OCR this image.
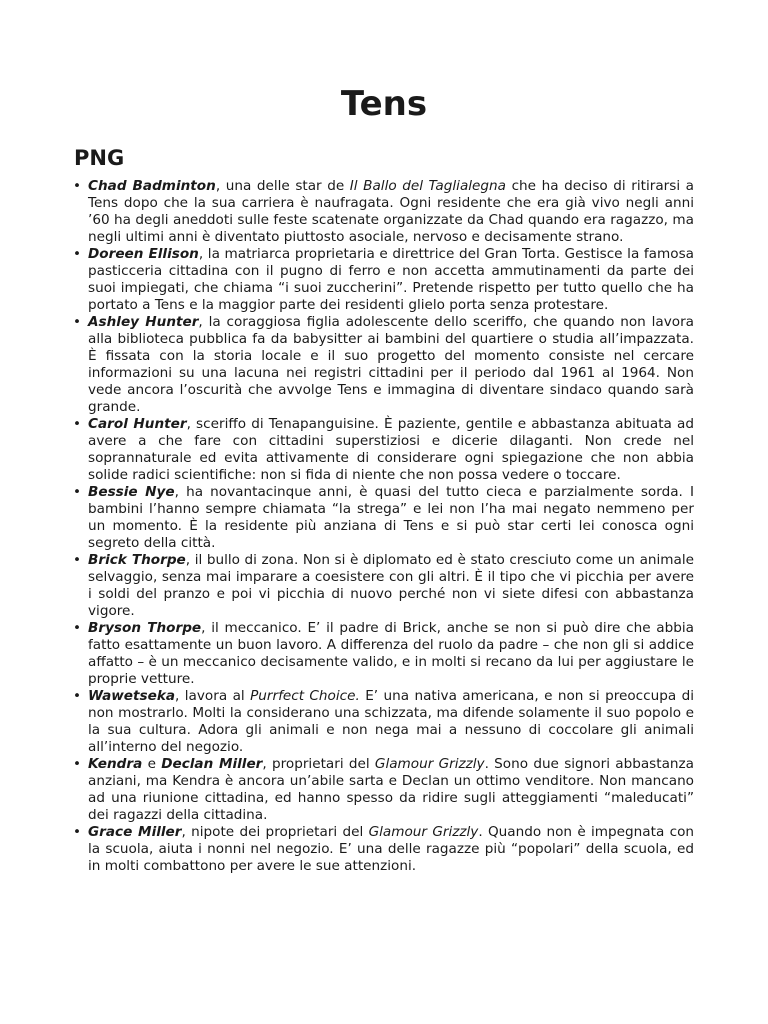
Tens
PNG
• Chad Badminton, una delle star de Il Ballo del Taglialegna che ha deciso di ritirarsi a Tens dopo che la sua carriera è naufragata. Ogni residente che era già vivo negli anni ’60 ha degli aneddoti sulle feste scatenate organizzate da Chad quando era ragazzo, ma negli ultimi anni è diventato piuttosto asociale, nervoso e decisamente strano.
• Doreen Ellison, la matriarca proprietaria e direttrice del Gran Torta. Gestisce la famosa pasticceria cittadina con il pugno di ferro e non accetta ammutinamenti da parte dei suoi impiegati, che chiama “i suoi zuccherini”. Pretende rispetto per tutto quello che ha portato a Tens e la maggior parte dei residenti glielo porta senza protestare.
• Ashley Hunter, la coraggiosa figlia adolescente dello sceriffo, che quando non lavora alla biblioteca pubblica fa da babysitter ai bambini del quartiere o studia all’impazzata. È fissata con la storia locale e il suo progetto del momento consiste nel cercare informazioni su una lacuna nei registri cittadini per il periodo dal 1961 al 1964. Non vede ancora l’oscurità che avvolge Tens e immagina di diventare sindaco quando sarà grande.
• Carol Hunter, sceriffo di Tenapanguisine. È paziente, gentile e abbastanza abituata ad avere a che fare con cittadini superstiziosi e dicerie dilaganti. Non crede nel soprannaturale ed evita attivamente di considerare ogni spiegazione che non abbia solide radici scientifiche: non si fida di niente che non possa vedere o toccare.
• Bessie Nye, ha novantacinque anni, è quasi del tutto cieca e parzialmente sorda. I bambini l’hanno sempre chiamata “la strega” e lei non l’ha mai negato nemmeno per un momento. È la residente più anziana di Tens e si può star certi lei conosca ogni segreto della città.
• Brick Thorpe, il bullo di zona. Non si è diplomato ed è stato cresciuto come un animale selvaggio, senza mai imparare a coesistere con gli altri. È il tipo che vi picchia per avere i soldi del pranzo e poi vi picchia di nuovo perché non vi siete difesi con abbastanza vigore.
• Bryson Thorpe, il meccanico. E’ il padre di Brick, anche se non si può dire che abbia fatto esattamente un buon lavoro. A differenza del ruolo da padre – che non gli si addice affatto – è un meccanico decisamente valido, e in molti si recano da lui per aggiustare le proprie vetture.
• Wawetseka, lavora al Purrfect Choice. E’ una nativa americana, e non si preoccupa di non mostrarlo. Molti la considerano una schizzata, ma difende solamente il suo popolo e la sua cultura. Adora gli animali e non nega mai a nessuno di coccolare gli animali all’interno del negozio.
• Kendra e Declan Miller, proprietari del Glamour Grizzly. Sono due signori abbastanza anziani, ma Kendra è ancora un’abile sarta e Declan un ottimo venditore. Non mancano ad una riunione cittadina, ed hanno spesso da ridire sugli atteggiamenti “maleducati” dei ragazzi della cittadina.
• Grace Miller, nipote dei proprietari del Glamour Grizzly. Quando non è impegnata con la scuola, aiuta i nonni nel negozio. E’ una delle ragazze più “popolari” della scuola, ed in molti combattono per avere le sue attenzioni.
